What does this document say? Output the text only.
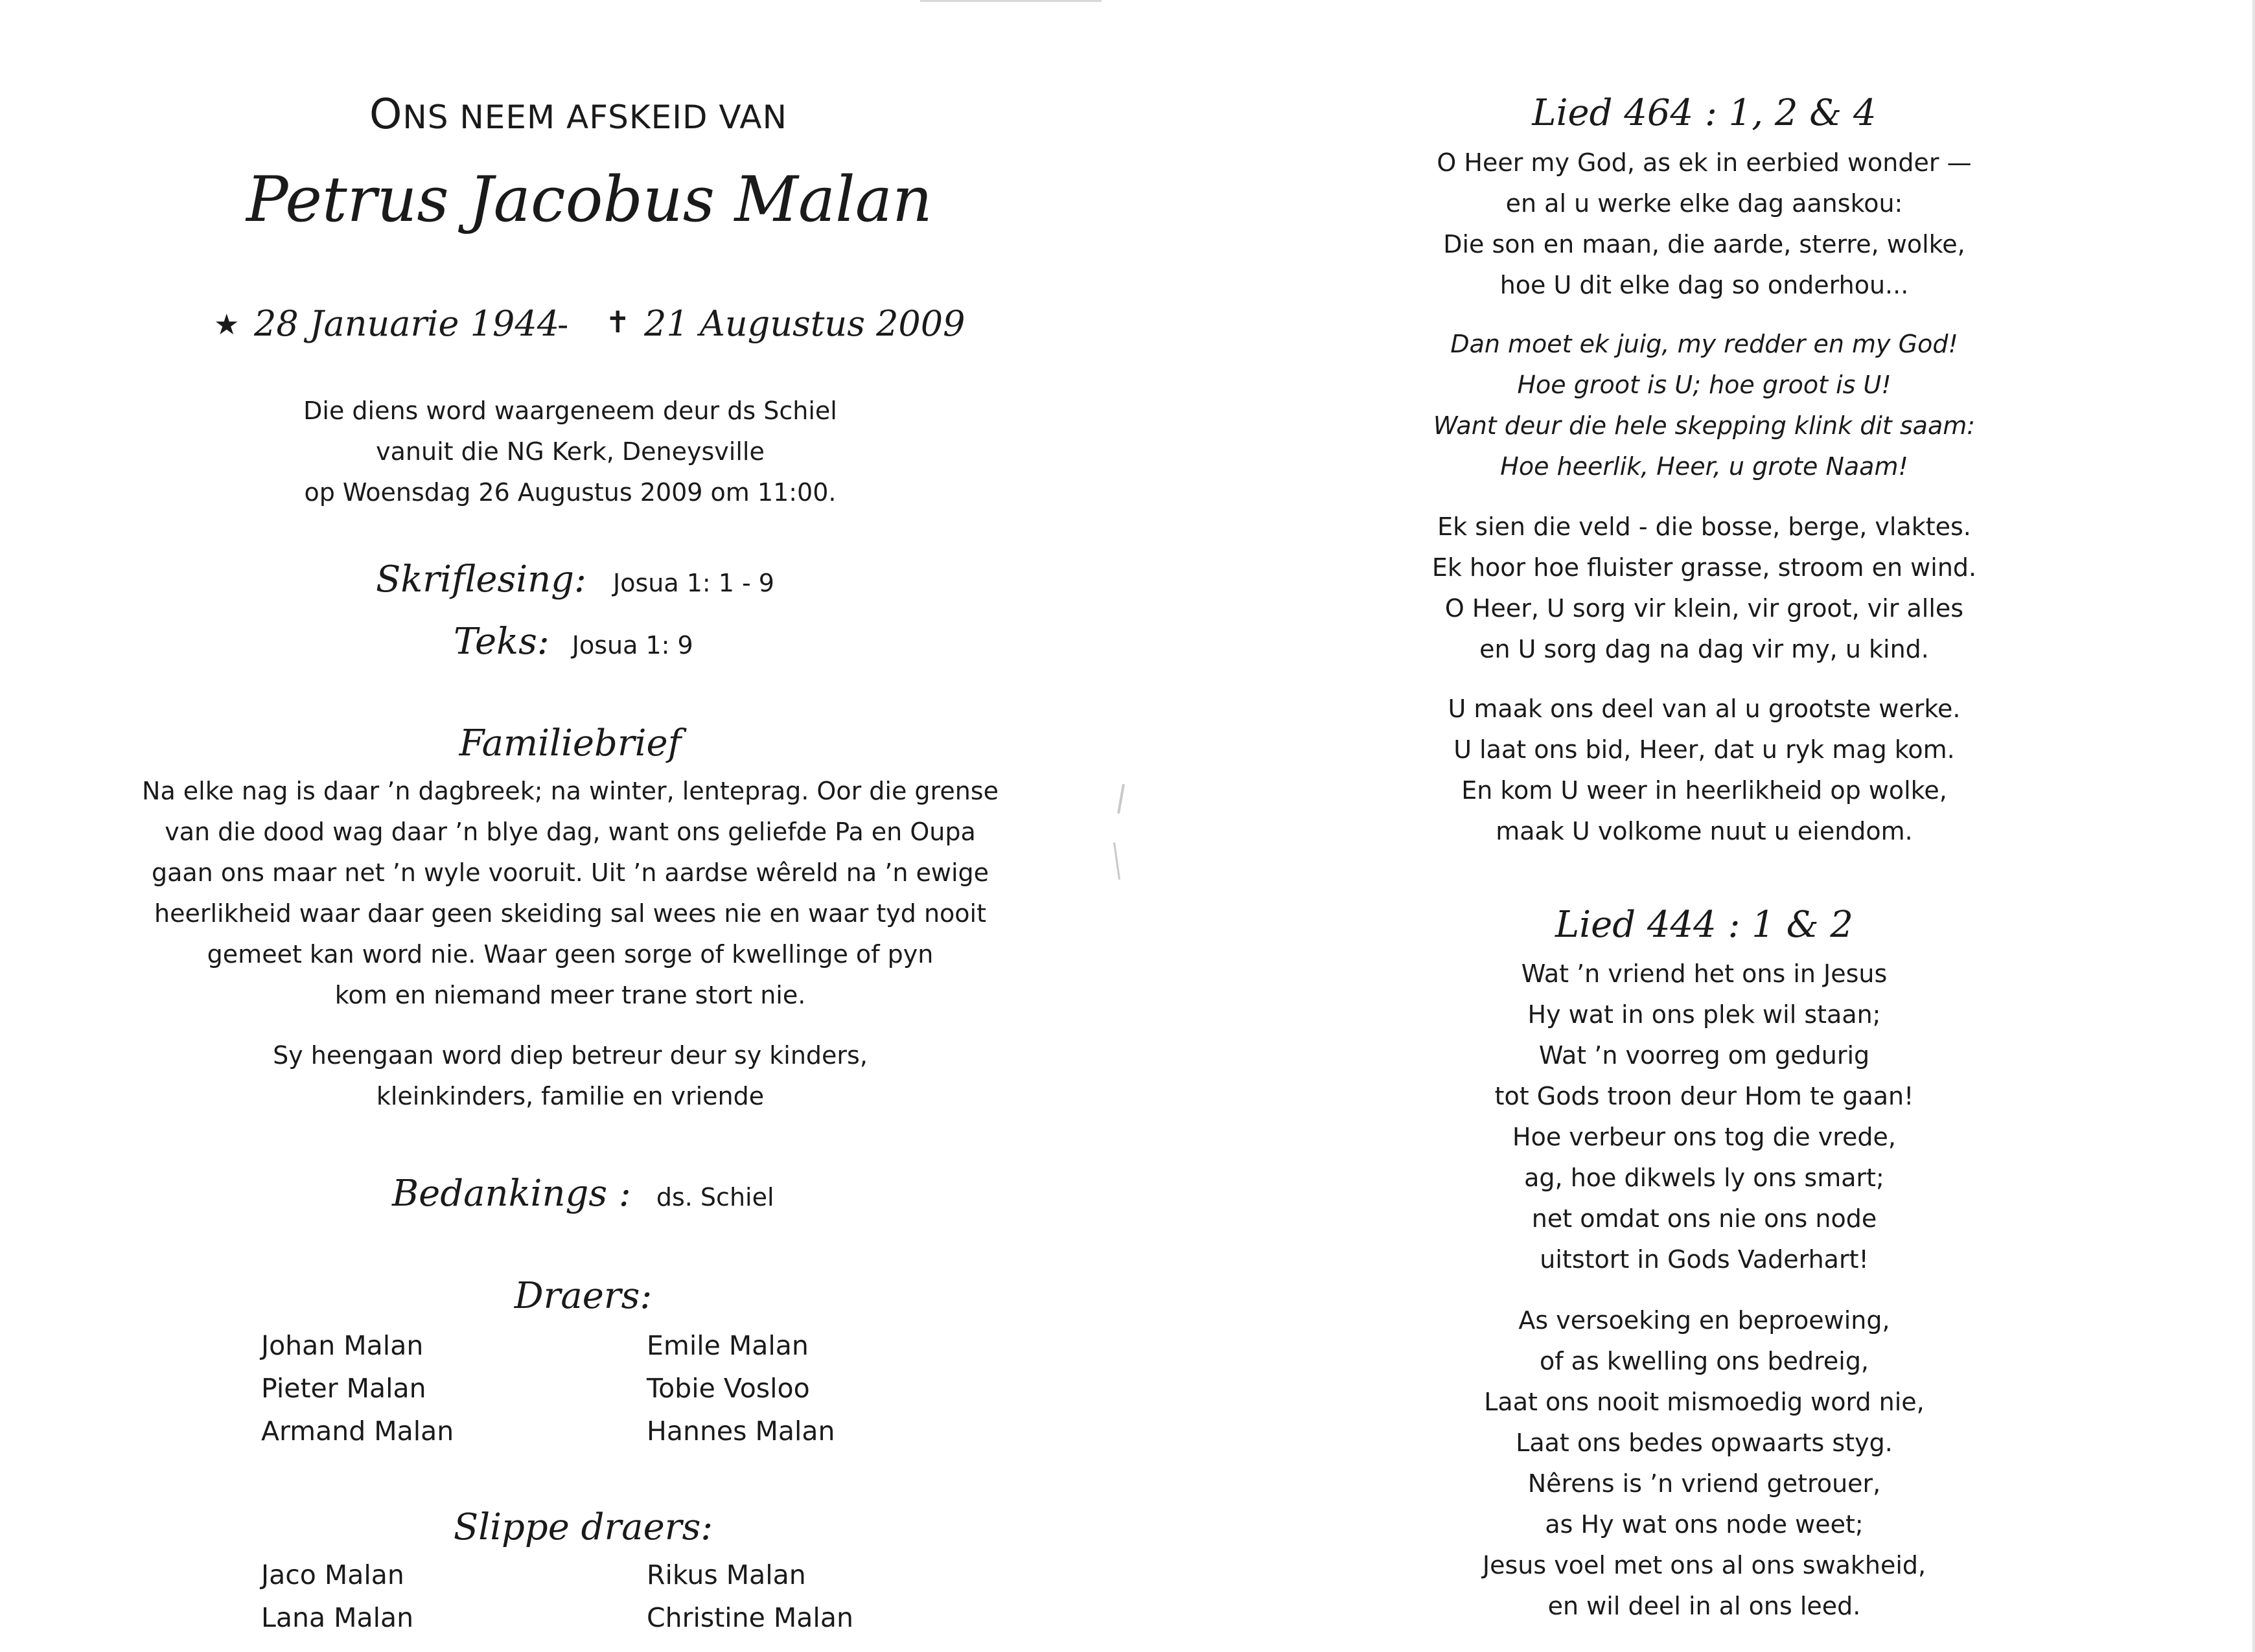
ONS NEEM AFSKEID VAN
Petrus Jacobus Malan
★ 28 Januarie 1944
- ✝ 21 Augustus 2009
Die diens word waargeneem deur ds Schiel
vanuit die NG Kerk, Deneysville
op Woensdag 26 Augustus 2009 om 11:00.
Skriflesing: Josua 1: 1 - 9
Teks: Josua 1: 9
Familiebrief
Na elke nag is daar ’n dagbreek; na winter, lenteprag. Oor die grense
van die dood wag daar ’n blye dag, want ons geliefde Pa en Oupa
gaan ons maar net ’n wyle vooruit. Uit ’n aardse wêreld na ’n ewige
heerlikheid waar daar geen skeiding sal wees nie en waar tyd nooit
gemeet kan word nie. Waar geen sorge of kwellinge of pyn
kom en niemand meer trane stort nie.
Sy heengaan word diep betreur deur sy kinders,
kleinkinders, familie en vriende
Bedankings : ds. Schiel
Draers:
Johan Malan
Pieter Malan
Armand Malan
Emile Malan
Tobie Vosloo
Hannes Malan
Slippe draers:
Jaco Malan
Lana Malan
Rikus Malan
Christine Malan
Lied 464 : 1, 2 & 4
O Heer my God, as ek in eerbied wonder —
en al u werke elke dag aanskou:
Die son en maan, die aarde, sterre, wolke,
hoe U dit elke dag so onderhou...
Dan moet ek juig, my redder en my God!
Hoe groot is U; hoe groot is U!
Want deur die hele skepping klink dit saam:
Hoe heerlik, Heer, u grote Naam!
Ek sien die veld - die bosse, berge, vlaktes.
Ek hoor hoe fluister grasse, stroom en wind.
O Heer, U sorg vir klein, vir groot, vir alles
en U sorg dag na dag vir my, u kind.
U maak ons deel van al u grootste werke.
U laat ons bid, Heer, dat u ryk mag kom.
En kom U weer in heerlikheid op wolke,
maak U volkome nuut u eiendom.
Lied 444 : 1 & 2
Wat ’n vriend het ons in Jesus
Hy wat in ons plek wil staan;
Wat ’n voorreg om gedurig
tot Gods troon deur Hom te gaan!
Hoe verbeur ons tog die vrede,
ag, hoe dikwels ly ons smart;
net omdat ons nie ons node
uitstort in Gods Vaderhart!
As versoeking en beproewing,
of as kwelling ons bedreig,
Laat ons nooit mismoedig word nie,
Laat ons bedes opwaarts styg.
Nêrens is ’n vriend getrouer,
as Hy wat ons node weet;
Jesus voel met ons al ons swakheid,
en wil deel in al ons leed.
